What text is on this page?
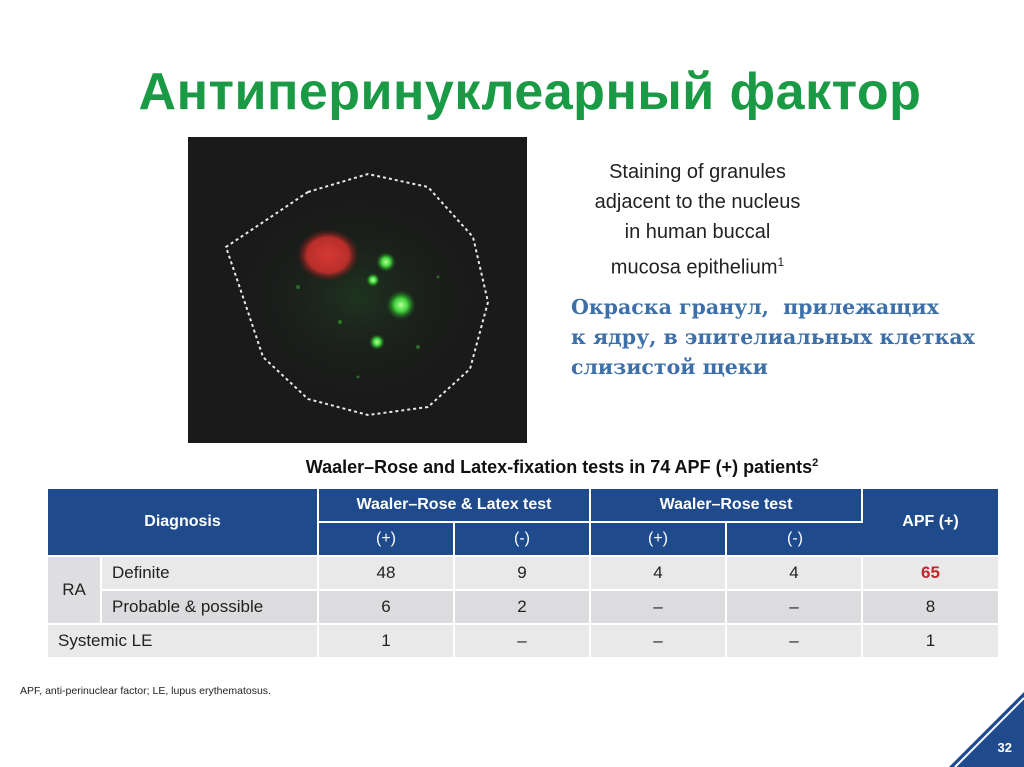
Антиперинуклеарный фактор
Staining of granules
adjacent to the nucleus
in human buccal
mucosa epithelium$^1$
Окраска гранул,  прилежащих
к ядру, в эпителиальных клетках
слизистой щеки
Waaler–Rose and Latex-fixation tests in 74 APF (+) patients$^2$
Diagnosis		Waaler–Rose & Latex test		Waaler–Rose test		APF (+)
		(+)	(-)	(+)	(-)	
RA	Definite	48	9	4	4	65
	Probable & possible	6	2	–	–	8
Systemic LE		1	–	–	–	1
APF, anti-perinuclear factor; LE, lupus erythematosus.
32
